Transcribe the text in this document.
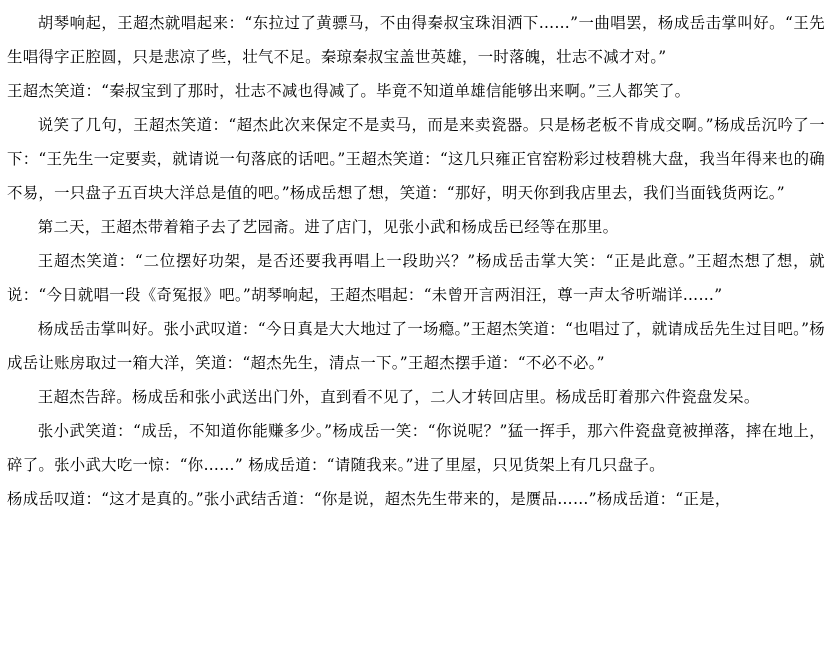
胡琴响起，王超杰就唱起来：“东拉过了黄骠马，不由得秦叔宝珠泪洒下……”一曲唱罢，杨成岳击掌叫好。“王先生唱得字正腔圆，只是悲凉了些，壮气不足。秦琼秦叔宝盖世英雄，一时落魄，壮志不减才对。”

王超杰笑道：“秦叔宝到了那时，壮志不减也得减了。毕竟不知道单雄信能够出来啊。”三人都笑了。

说笑了几句，王超杰笑道：“超杰此次来保定不是卖马，而是来卖瓷器。只是杨老板不肯成交啊。”杨成岳沉吟了一下：“王先生一定要卖，就请说一句落底的话吧。”王超杰笑道：“这几只雍正官窑粉彩过枝碧桃大盘，我当年得来也的确不易，一只盘子五百块大洋总是值的吧。”杨成岳想了想，笑道：“那好，明天你到我店里去，我们当面钱货两讫。”

第二天，王超杰带着箱子去了艺园斋。进了店门，见张小武和杨成岳已经等在那里。

王超杰笑道：“二位摆好功架，是否还要我再唱上一段助兴？”杨成岳击掌大笑：“正是此意。”王超杰想了想，就说：“今日就唱一段《奇冤报》吧。”胡琴响起，王超杰唱起：“未曾开言两泪汪，尊一声太爷听端详……”

杨成岳击掌叫好。张小武叹道：“今日真是大大地过了一场瘾。”王超杰笑道：“也唱过了，就请成岳先生过目吧。”杨成岳让账房取过一箱大洋，笑道：“超杰先生，清点一下。”王超杰摆手道：“不必不必。”

王超杰告辞。杨成岳和张小武送出门外，直到看不见了，二人才转回店里。杨成岳盯着那六件瓷盘发呆。

张小武笑道：“成岳，不知道你能赚多少。”杨成岳一笑：“你说呢？”猛一挥手，那六件瓷盘竟被掸落，摔在地上，碎了。张小武大吃一惊：“你……” 杨成岳道：“请随我来。”进了里屋，只见货架上有几只盘子。

杨成岳叹道：“这才是真的。”张小武结舌道：“你是说，超杰先生带来的，是赝品……”杨成岳道：“正是，
